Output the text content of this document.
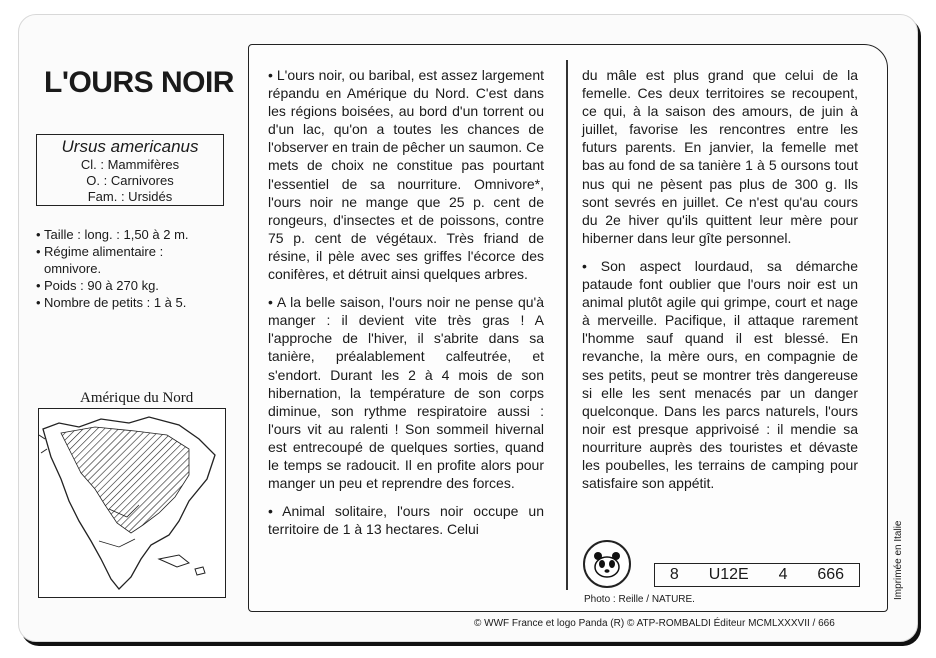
L'OURS NOIR
Ursus americanus
Cl. : Mammifères
O. : Carnivores
Fam. : Ursidés
• Taille : long. : 1,50 à 2 m.
• Régime alimentaire :
omnivore.
• Poids : 90 à 270 kg.
• Nombre de petits : 1 à 5.
Amérique du Nord

• L'ours noir, ou baribal, est assez largement répandu en Amérique du Nord. C'est dans les régions boisées, au bord d'un torrent ou d'un lac, qu'on a toutes les chances de l'observer en train de pêcher un saumon. Ce mets de choix ne constitue pas pourtant l'essentiel de sa nourriture. Omnivore*, l'ours noir ne mange que 25 p. cent de rongeurs, d'insectes et de poissons, contre 75 p. cent de végétaux. Très friand de résine, il pèle avec ses griffes l'écorce des conifères, et détruit ainsi quelques arbres.

• A la belle saison, l'ours noir ne pense qu'à manger : il devient vite très gras ! A l'approche de l'hiver, il s'abrite dans sa tanière, préalablement calfeutrée, et s'endort. Durant les 2 à 4 mois de son hibernation, la température de son corps diminue, son rythme respiratoire aussi : l'ours vit au ralenti ! Son sommeil hivernal est entrecoupé de quelques sorties, quand le temps se radoucit. Il en profite alors pour manger un peu et reprendre des forces.

• Animal solitaire, l'ours noir occupe un territoire de 1 à 13 hectares. Celui

du mâle est plus grand que celui de la femelle. Ces deux territoires se recoupent, ce qui, à la saison des amours, de juin à juillet, favorise les rencontres entre les futurs parents. En janvier, la femelle met bas au fond de sa tanière 1 à 5 oursons tout nus qui ne pèsent pas plus de 300 g. Ils sont sevrés en juillet. Ce n'est qu'au cours du 2e hiver qu'ils quittent leur mère pour hiberner dans leur gîte personnel.

• Son aspect lourdaud, sa démarche pataude font oublier que l'ours noir est un animal plutôt agile qui grimpe, court et nage à merveille. Pacifique, il attaque rarement l'homme sauf quand il est blessé. En revanche, la mère ours, en compagnie de ses petits, peut se montrer très dangereuse si elle les sent menacés par un danger quelconque. Dans les parcs naturels, l'ours noir est presque apprivoisé : il mendie sa nourriture auprès des touristes et dévaste les poubelles, les terrains de camping pour satisfaire son appétit.

8 U12E 4 666
Photo : Reille / NATURE.	Imprimée en Italie
© WWF France et logo Panda (R) © ATP-ROMBALDI Éditeur MCMLXXXVII / 666
